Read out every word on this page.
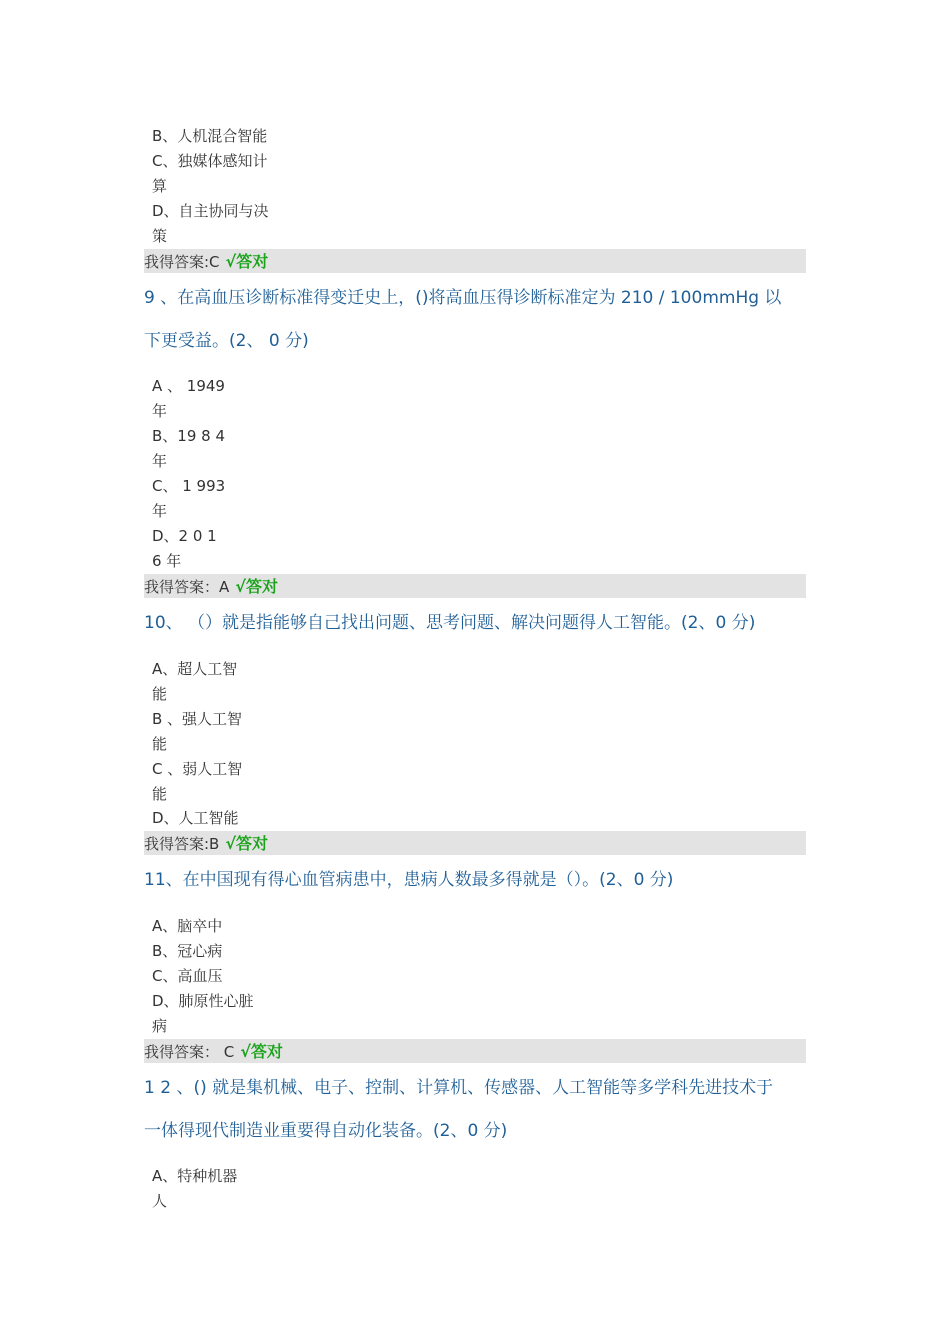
B、人机混合智能
C、独媒体感知计
算
D、自主协同与决
策
我得答案:C √答对
9 、在高血压诊断标准得变迁史上，()将高血压得诊断标准定为 210 / 100mmHg 以
下更受益。(2、 0 分)
A 、 1949
年
B、19 8 4
年
C、 1 993
年
D、2 0 1
6 年
我得答案：A √答对
10、 （）就是指能够自己找出问题、思考问题、解决问题得人工智能。(2、0 分)
A、超人工智
能
B 、强人工智
能
C 、弱人工智
能
D、人工智能
我得答案:B √答对
11、在中国现有得心血管病患中，患病人数最多得就是（）。(2、0 分)
A、脑卒中
B、冠心病
C、高血压
D、肺原性心脏
病
我得答案： C √答对
1 2 、() 就是集机械、电子、控制、计算机、传感器、人工智能等多学科先进技术于
一体得现代制造业重要得自动化装备。(2、0 分)
A、特种机器
人
